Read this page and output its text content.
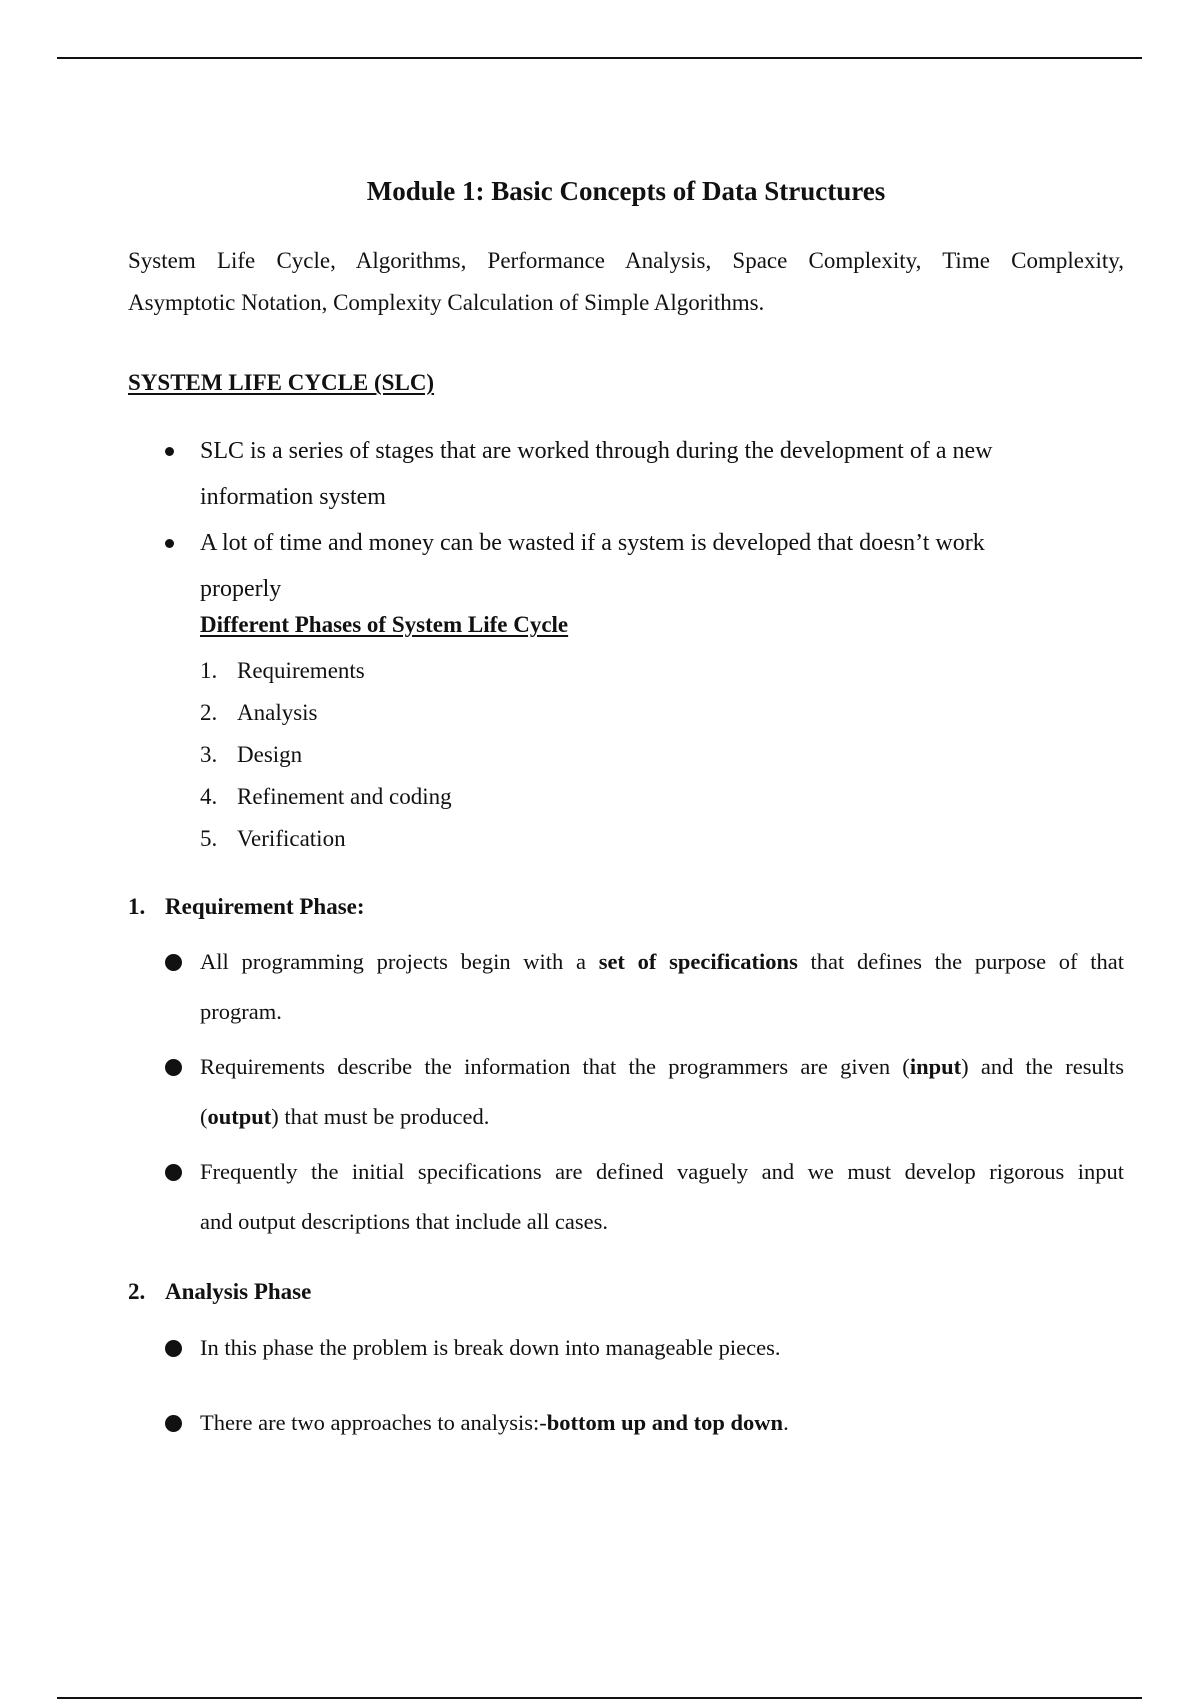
Module 1: Basic Concepts of Data Structures
System Life Cycle, Algorithms, Performance Analysis, Space Complexity, Time Complexity,
Asymptotic Notation, Complexity Calculation of Simple Algorithms.
SYSTEM LIFE CYCLE (SLC)
SLC is a series of stages that are worked through during the development of a new
information system
A lot of time and money can be wasted if a system is developed that doesn’t work
properly
Different Phases of System Life Cycle
1. Requirements
2. Analysis
3. Design
4. Refinement and coding
5. Verification
1. Requirement Phase:
All programming projects begin with a set of specifications that defines the purpose of that
program.
Requirements describe the information that the programmers are given (input) and the results
(output) that must be produced.
Frequently the initial specifications are defined vaguely and we must develop rigorous input
and output descriptions that include all cases.
2. Analysis Phase
In this phase the problem is break down into manageable pieces.
There are two approaches to analysis:-bottom up and top down.
